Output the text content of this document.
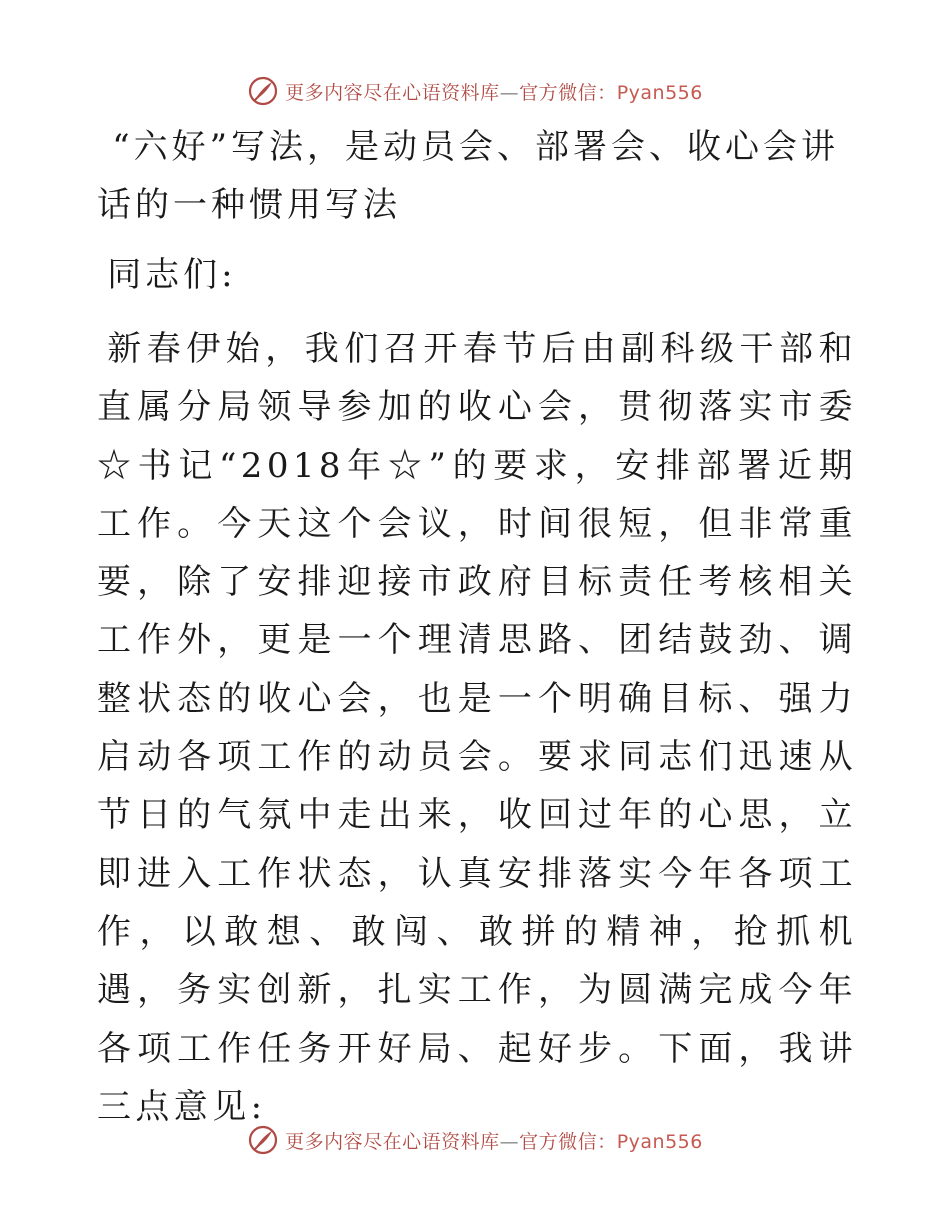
更多内容尽在心语资料库—官方微信：Pyan556
“六好”写法，是动员会、部署会、收心会讲话的一种惯用写法

同志们:

新春伊始，我们召开春节后由副科级干部和直属分局领导参加的收心会，贯彻落实市委☆书记“2018年☆”的要求，安排部署近期工作。今天这个会议，时间很短，但非常重要，除了安排迎接市政府目标责任考核相关工作外，更是一个理清思路、团结鼓劲、调整状态的收心会，也是一个明确目标、强力启动各项工作的动员会。要求同志们迅速从节日的气氛中走出来，收回过年的心思，立即进入工作状态，认真安排落实今年各项工作，以敢想、敢闯、敢拼的精神，抢抓机遇，务实创新，扎实工作，为圆满完成今年各项工作任务开好局、起好步。下面，我讲三点意见:

更多内容尽在心语资料库—官方微信：Pyan556
